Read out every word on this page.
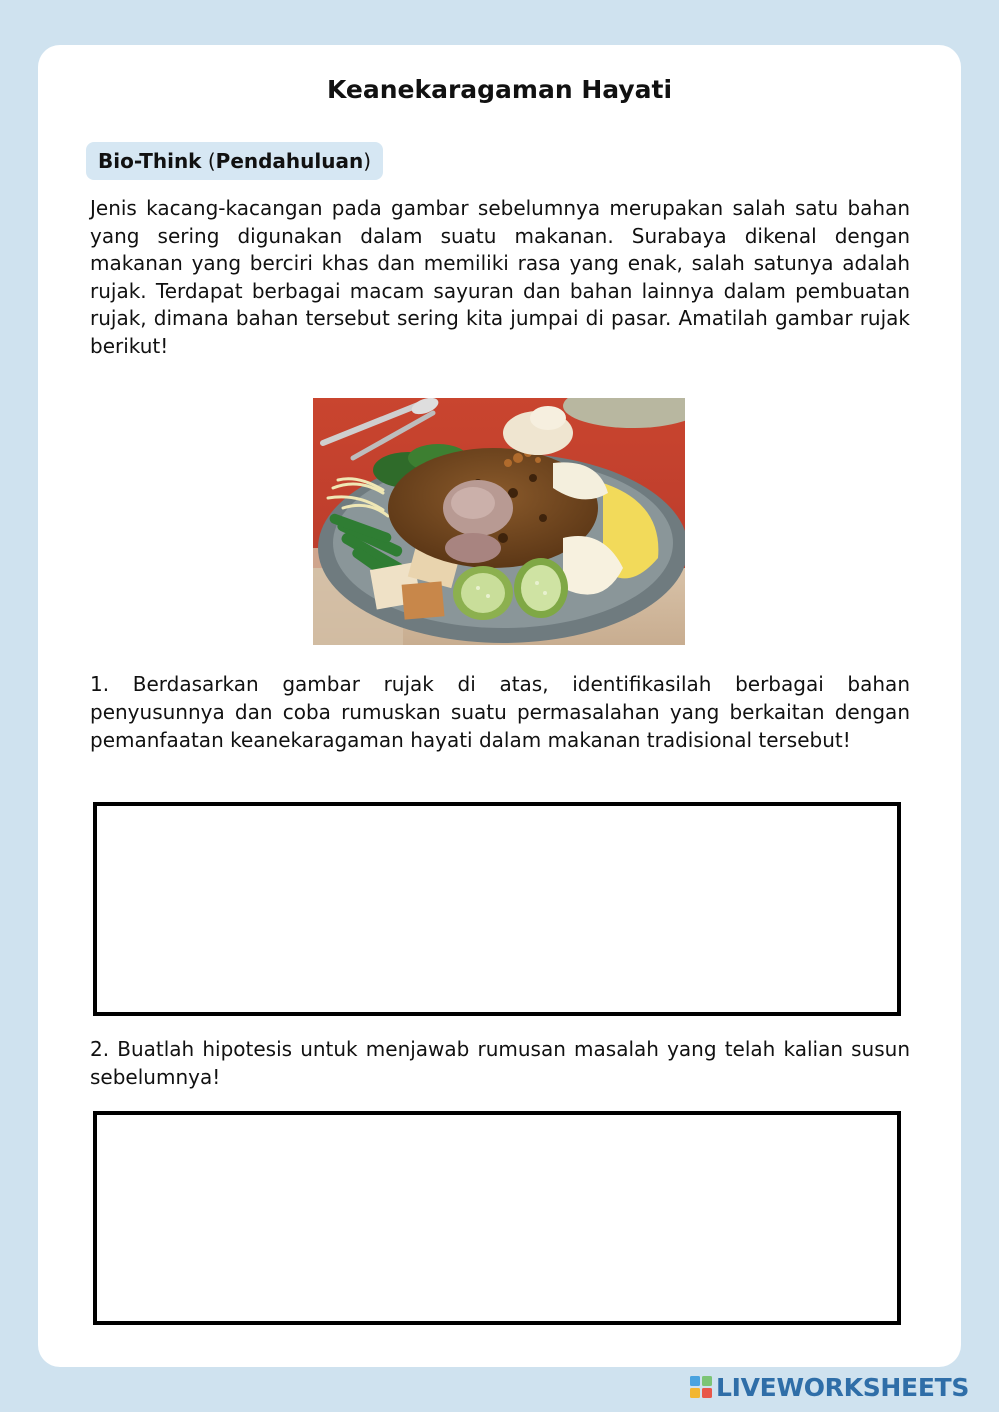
Keanekaragaman Hayati
Bio-Think (Pendahuluan)

Jenis kacang-kacangan pada gambar sebelumnya merupakan salah satu bahan yang sering digunakan dalam suatu makanan. Surabaya dikenal dengan makanan yang berciri khas dan memiliki rasa yang enak, salah satunya adalah rujak. Terdapat berbagai macam sayuran dan bahan lainnya dalam pembuatan rujak, dimana bahan tersebut sering kita jumpai di pasar. Amatilah gambar rujak berikut!

1. Berdasarkan gambar rujak di atas, identifikasilah berbagai bahan penyusunnya dan coba rumuskan suatu permasalahan yang berkaitan dengan pemanfaatan keanekaragaman hayati dalam makanan tradisional tersebut!

2. Buatlah hipotesis untuk menjawab rumusan masalah yang telah kalian susun sebelumnya!

LIVEWORKSHEETS
